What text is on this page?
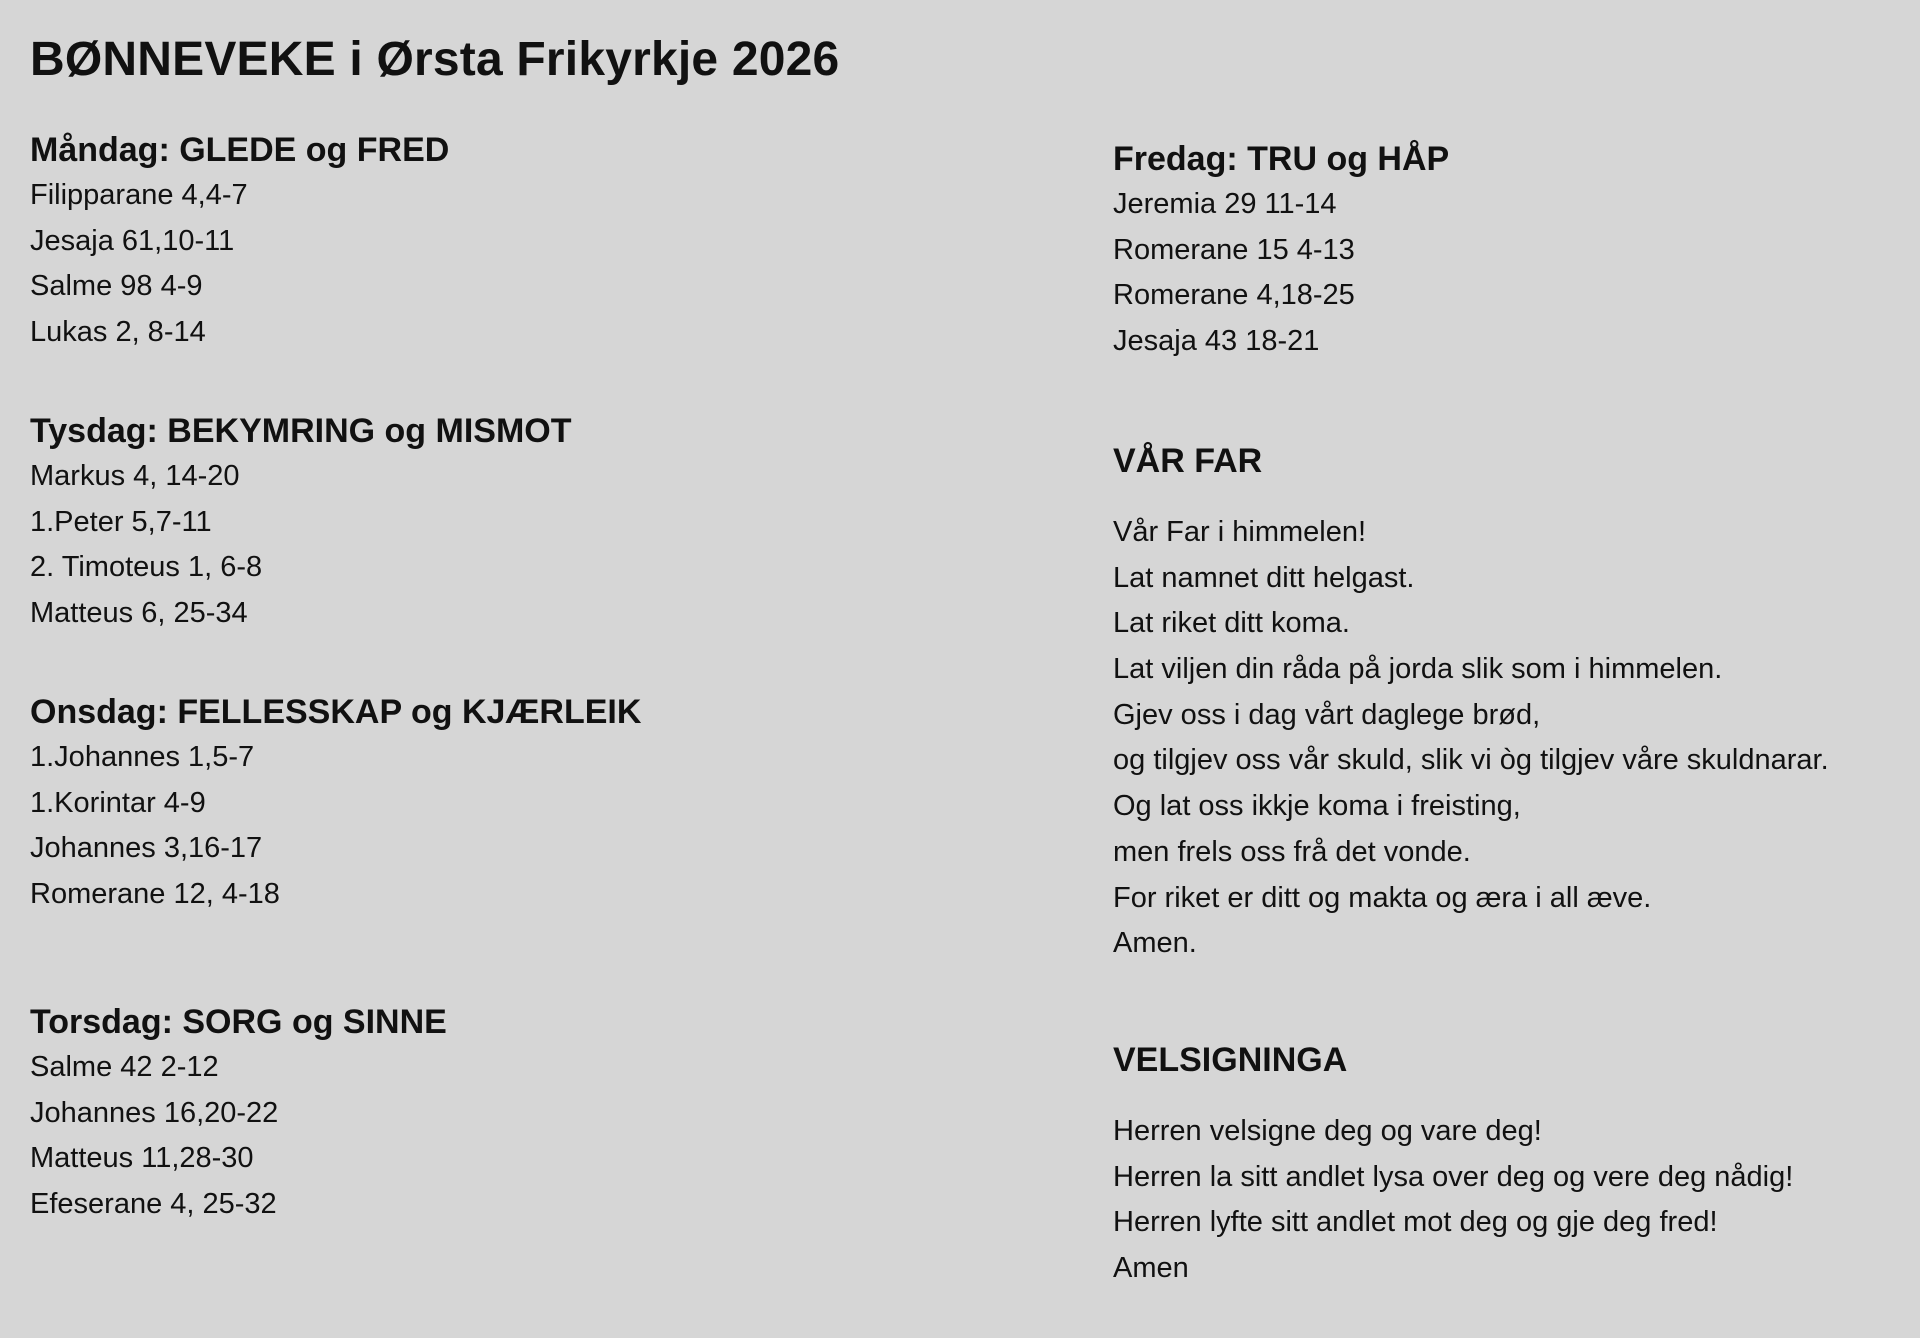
BØNNEVEKE i Ørsta Frikyrkje 2026
Måndag: GLEDE og FRED
Filipparane 4,4-7
Jesaja 61,10-11
Salme 98 4-9
Lukas 2, 8-14
Tysdag: BEKYMRING og MISMOT
Markus 4, 14-20
1.Peter 5,7-11
2. Timoteus 1, 6-8
Matteus 6, 25-34
Onsdag: FELLESSKAP og KJÆRLEIK
1.Johannes 1,5-7
1.Korintar 4-9
Johannes 3,16-17
Romerane 12, 4-18
Torsdag: SORG og SINNE
Salme 42 2-12
Johannes 16,20-22
Matteus 11,28-30
Efeserane 4, 25-32
Fredag: TRU og HÅP
Jeremia 29 11-14
Romerane 15 4-13
Romerane 4,18-25
Jesaja 43 18-21
VÅR FAR
Vår Far i himmelen!
Lat namnet ditt helgast.
Lat riket ditt koma.
Lat viljen din råda på jorda slik som i himmelen.
Gjev oss i dag vårt daglege brød,
og tilgjev oss vår skuld, slik vi òg tilgjev våre skuldnarar.
Og lat oss ikkje koma i freisting,
men frels oss frå det vonde.
For riket er ditt og makta og æra i all æve.
Amen.
VELSIGNINGA
Herren velsigne deg og vare deg!
Herren la sitt andlet lysa over deg og vere deg nådig!
Herren lyfte sitt andlet mot deg og gje deg fred!
Amen
